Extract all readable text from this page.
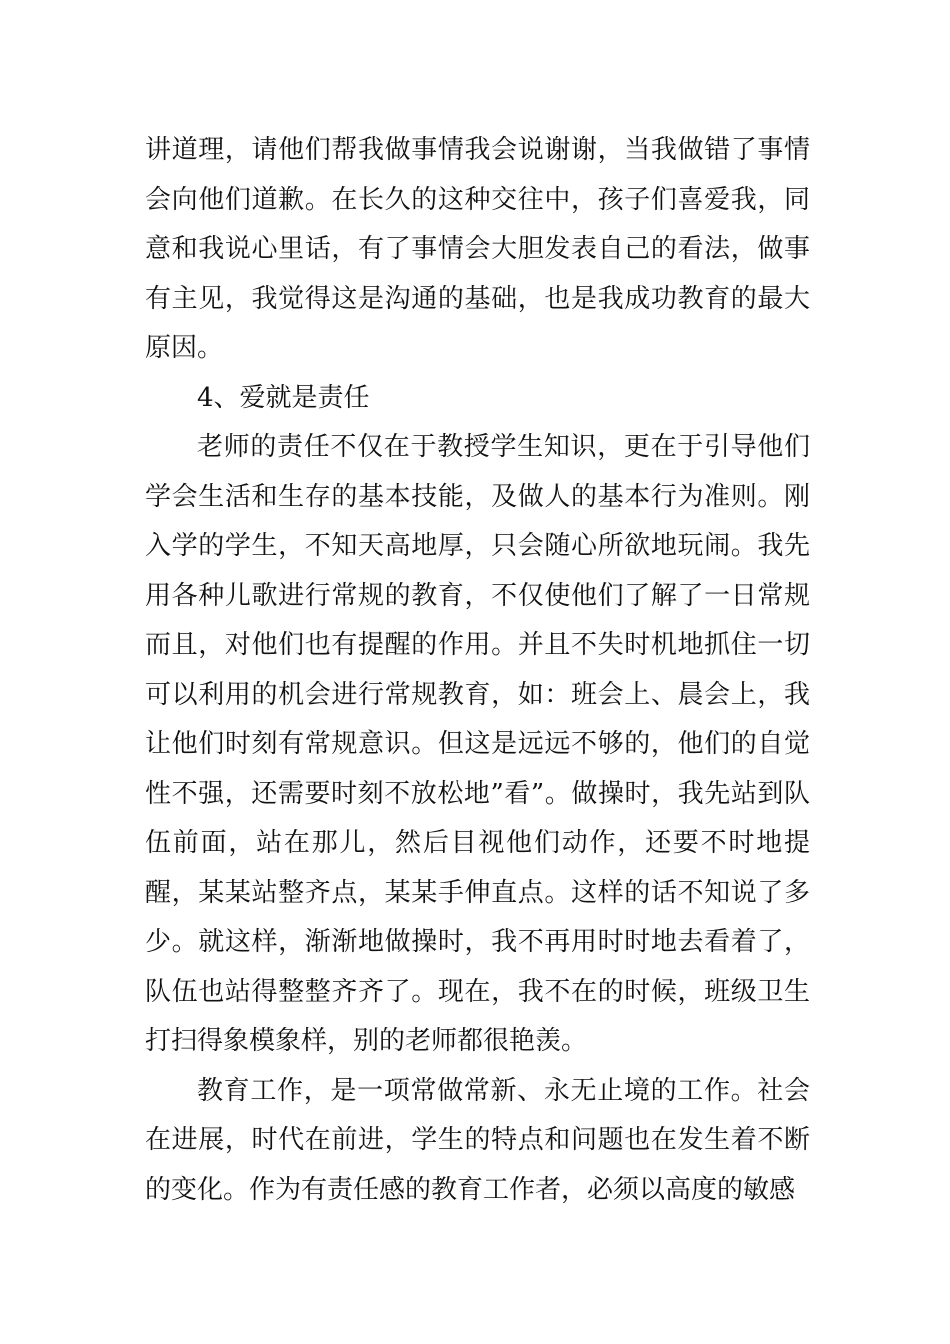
讲道理，请他们帮我做事情我会说谢谢，当我做错了事情会向他们道歉。在长久的这种交往中，孩子们喜爱我，同意和我说心里话，有了事情会大胆发表自己的看法，做事有主见，我觉得这是沟通的基础，也是我成功教育的最大原因。

4、爱就是责任

老师的责任不仅在于教授学生知识，更在于引导他们学会生活和生存的基本技能，及做人的基本行为准则。刚入学的学生，不知天高地厚，只会随心所欲地玩闹。我先用各种儿歌进行常规的教育，不仅使他们了解了一日常规而且，对他们也有提醒的作用。并且不失时机地抓住一切可以利用的机会进行常规教育，如：班会上、晨会上，我让他们时刻有常规意识。但这是远远不够的，他们的自觉性不强，还需要时刻不放松地”看”。做操时，我先站到队伍前面，站在那儿，然后目视他们动作，还要不时地提醒，某某站整齐点，某某手伸直点。这样的话不知说了多少。就这样，渐渐地做操时，我不再用时时地去看着了，队伍也站得整整齐齐了。现在，我不在的时候，班级卫生打扫得象模象样，别的老师都很艳羡。

教育工作，是一项常做常新、永无止境的工作。社会在进展，时代在前进，学生的特点和问题也在发生着不断的变化。作为有责任感的教育工作者，必须以高度的敏感
